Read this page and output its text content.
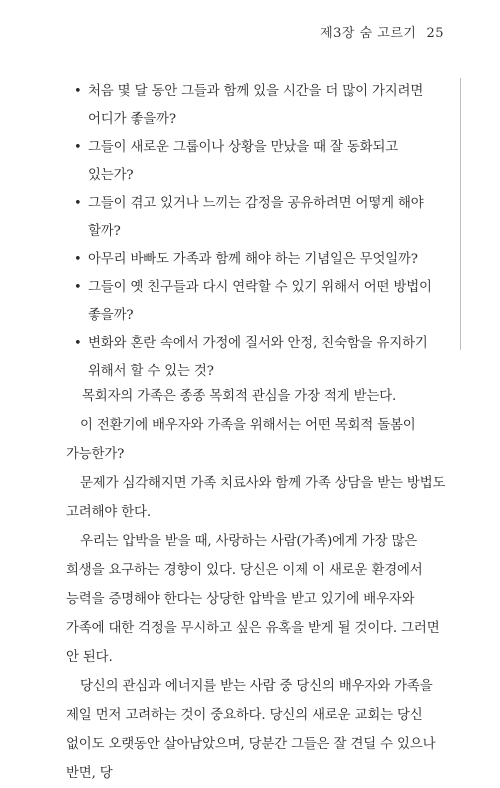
제3장 숨 고르기 25
• 처음 몇 달 동안 그들과 함께 있을 시간을 더 많이 가지려면 어디가 좋을까?
• 그들이 새로운 그룹이나 상황을 만났을 때 잘 동화되고 있는가?
• 그들이 겪고 있거나 느끼는 감정을 공유하려면 어떻게 해야 할까?
• 아무리 바빠도 가족과 함께 해야 하는 기념일은 무엇일까?
• 그들이 옛 친구들과 다시 연락할 수 있기 위해서 어떤 방법이 좋을까?
• 변화와 혼란 속에서 가정에 질서와 안정, 친숙함을 유지하기 위해서 할 수 있는 것?

목회자의 가족은 종종 목회적 관심을 가장 적게 받는다.

이 전환기에 배우자와 가족을 위해서는 어떤 목회적 돌봄이 가능한가?

문제가 심각해지면 가족 치료사와 함께 가족 상담을 받는 방법도 고려해야 한다.

우리는 압박을 받을 때, 사랑하는 사람(가족)에게 가장 많은 희생을 요구하는 경향이 있다. 당신은 이제 이 새로운 환경에서 능력을 증명해야 한다는 상당한 압박을 받고 있기에 배우자와 가족에 대한 걱정을 무시하고 싶은 유혹을 받게 될 것이다. 그러면 안 된다.

당신의 관심과 에너지를 받는 사람 중 당신의 배우자와 가족을 제일 먼저 고려하는 것이 중요하다. 당신의 새로운 교회는 당신 없이도 오랫동안 살아남았으며, 당분간 그들은 잘 견딜 수 있으나 반면, 당
